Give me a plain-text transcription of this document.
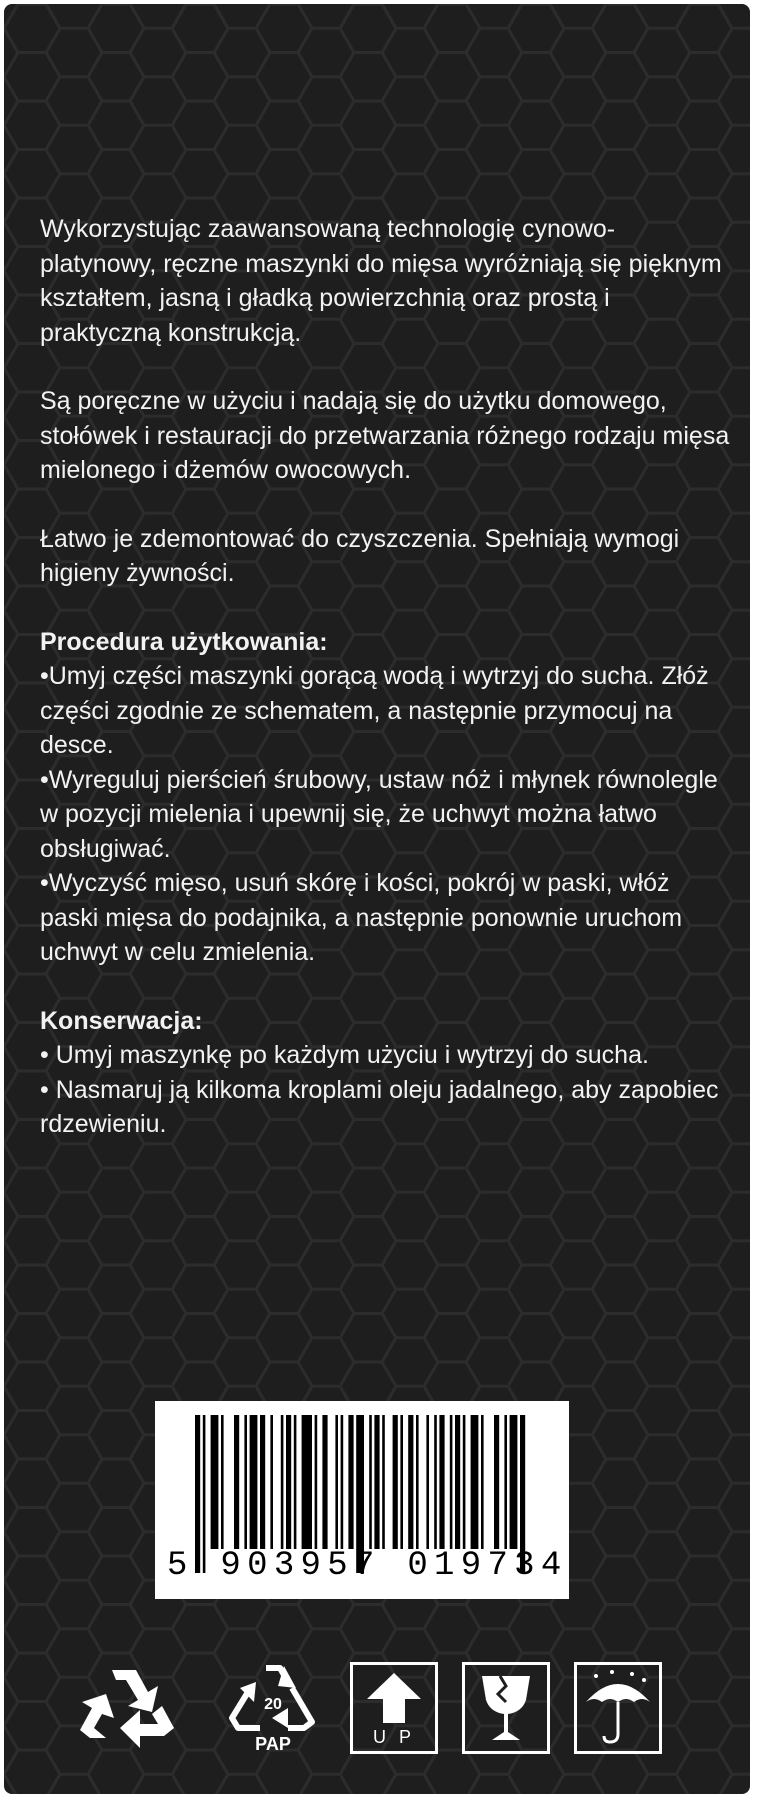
Wykorzystując zaawansowaną technologię cynowo-platynowy, ręczne maszynki do mięsa wyróżniają się pięknym kształtem, jasną i gładką powierzchnią oraz prostą i praktyczną konstrukcją.

Są poręczne w użyciu i nadają się do użytku domowego, stołówek i restauracji do przetwarzania różnego rodzaju mięsa mielonego i dżemów owocowych.

Łatwo je zdemontować do czyszczenia. Spełniają wymogi higieny żywności.

Procedura użytkowania:
•Umyj części maszynki gorącą wodą i wytrzyj do sucha. Złóż części zgodnie ze schematem, a następnie przymocuj na desce.
•Wyreguluj pierścień śrubowy, ustaw nóż i młynek równolegle w pozycji mielenia i upewnij się, że uchwyt można łatwo obsługiwać.
•Wyczyść mięso, usuń skórę i kości, pokrój w paski, włóż paski mięsa do podajnika, a następnie ponownie uruchom uchwyt w celu zmielenia.
Konserwacja:
• Umyj maszynkę po każdym użyciu i wytrzyj do sucha.
• Nasmaruj ją kilkoma kroplami oleju jadalnego, aby zapobiec rdzewieniu.
5 903957 019734
20
PAP	U P
